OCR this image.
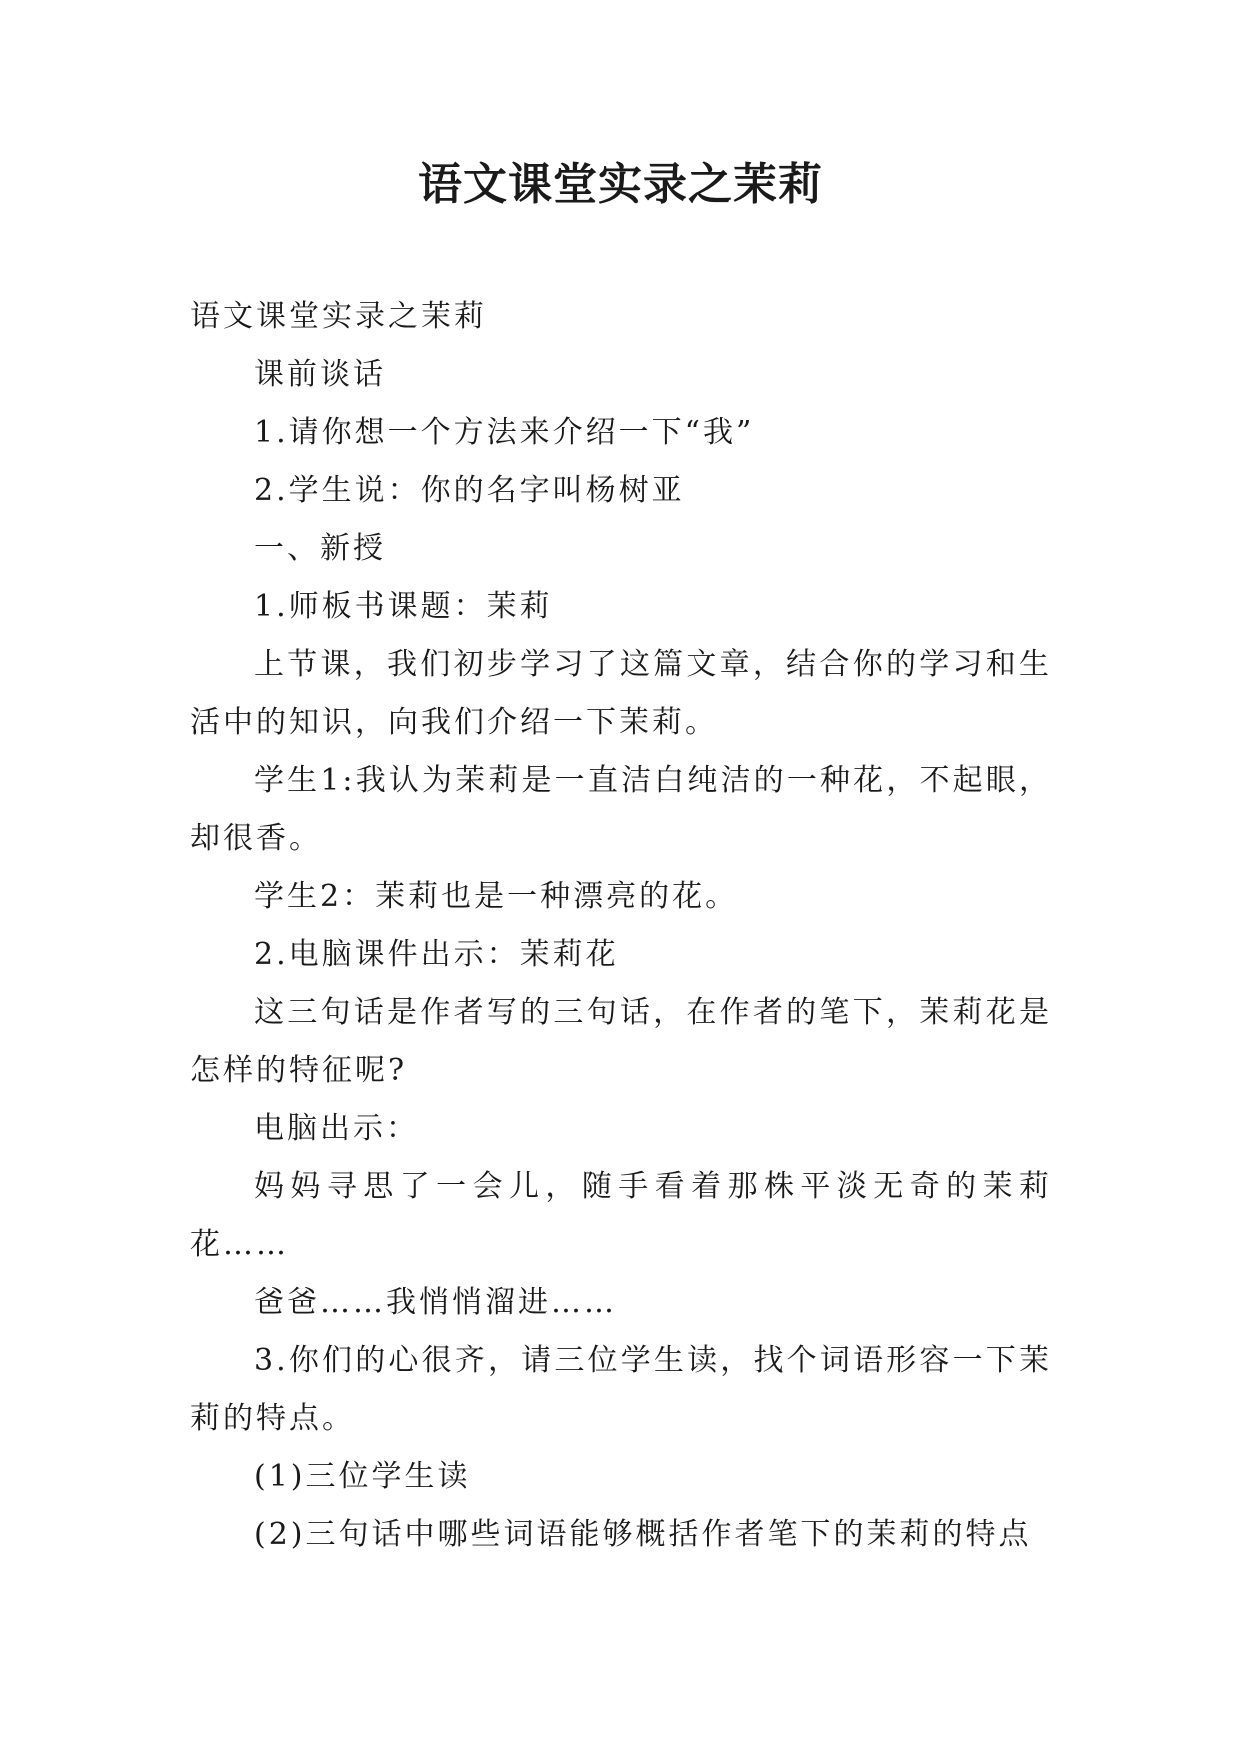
语文课堂实录之茉莉

语文课堂实录之茉莉

课前谈话

1.请你想一个方法来介绍一下“我”

2.学生说：你的名字叫杨树亚

一、新授

1.师板书课题：茉莉

上节课，我们初步学习了这篇文章，结合你的学习和生活中的知识，向我们介绍一下茉莉。

学生1:我认为茉莉是一直洁白纯洁的一种花，不起眼，却很香。

学生2：茉莉也是一种漂亮的花。

2.电脑课件出示：茉莉花

这三句话是作者写的三句话，在作者的笔下，茉莉花是怎样的特征呢?

电脑出示：

妈妈寻思了一会儿，随手看着那株平淡无奇的茉莉花……

爸爸……我悄悄溜进……

3.你们的心很齐，请三位学生读，找个词语形容一下茉莉的特点。

(1)三位学生读

(2)三句话中哪些词语能够概括作者笔下的茉莉的特点
